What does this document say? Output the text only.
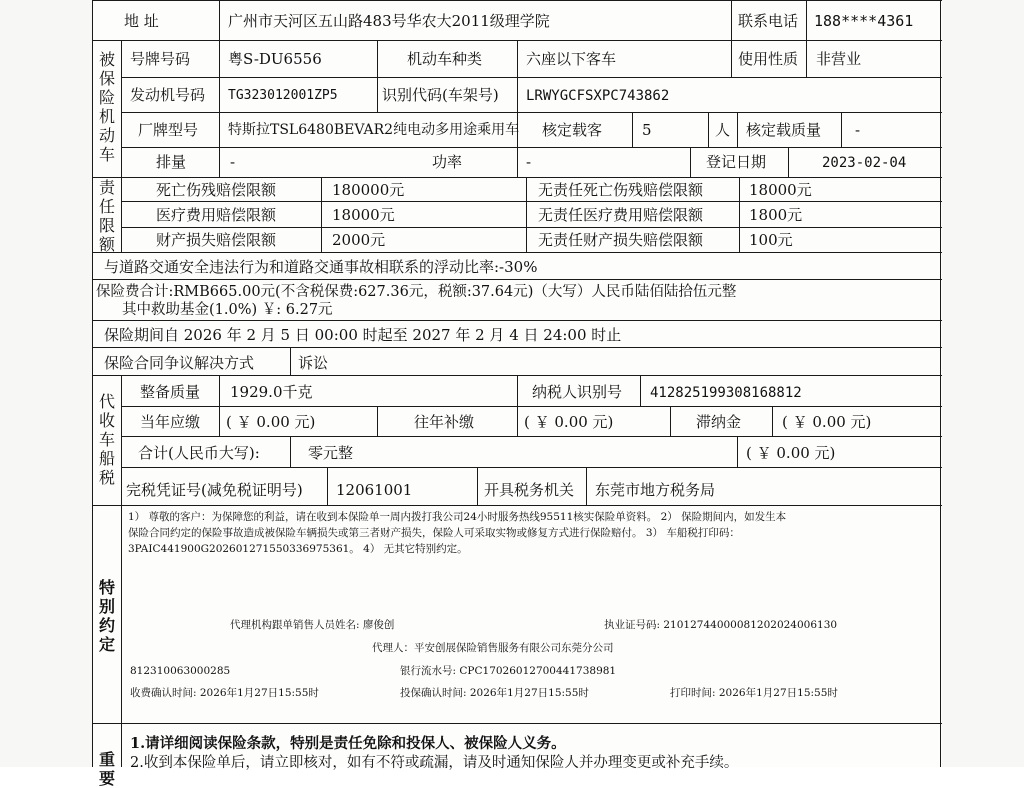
地 址	广州市天河区五山路483号华农大2011级理学院	联系电话 188****4361
被保险机动车
号牌号码	粤S-DU6556	机动车种类	六座以下客车	使用性质 非营业
发动机号码 TG323012001ZP5	识别代码(车架号) LRWYGCFSXPC743862
厂牌型号 特斯拉TSL6480BEVAR2纯电动多用途乘用车 核定载客	5	人 核定载质量 -
排量	-	功率	-	登记日期	2023-02-04
责任限额
死亡伤残赔偿限额	180000元	无责任死亡伤残赔偿限额	18000元
医疗费用赔偿限额	18000元	无责任医疗费用赔偿限额	1800元
财产损失赔偿限额	2000元	无责任财产损失赔偿限额	100元
与道路交通安全违法行为和道路交通事故相联系的浮动比率:-30%
保险费合计:RMB665.00元(不含税保费:627.36元，税额:37.64元)（大写）人民币陆佰陆拾伍元整
其中救助基金(1.0%) ￥: 6.27元
保险期间自 2026 年 2 月 5 日 00:00 时起至 2027 年 2 月 4 日 24:00 时止
保险合同争议解决方式	诉讼
代收车船税
整备质量 1929.0千克	纳税人识别号 412825199308168812
当年应缴 ( ￥ 0.00 元)	往年补缴	( ￥ 0.00 元)	滞纳金	( ￥ 0.00 元)
合计(人民币大写):	零元整	( ￥ 0.00 元)
完税凭证号(减免税证明号) 12061001	开具税务机关 东莞市地方税务局
特别约定
1） 尊敬的客户：为保障您的利益，请在收到本保险单一周内拨打我公司24小时服务热线95511核实保险单资料。 2） 保险期间内，如发生本
保险合同约定的保险事故造成被保险车辆损失或第三者财产损失，保险人可采取实物或修复方式进行保险赔付。 3） 车船税打印码：
3PAIC441900G202601271550336975361。 4） 无其它特别约定。
代理机构跟单销售人员姓名: 廖俊创	执业证号码: 21012744000081202024006130
代理人：平安创展保险销售服务有限公司东莞分公司
812310063000285	银行流水号: CPC17026012700441738981
收费确认时间: 2026年1月27日15:55时	投保确认时间: 2026年1月27日15:55时	打印时间: 2026年1月27日15:55时
重要
1.请详细阅读保险条款，特别是责任免除和投保人、被保险人义务。
2.收到本保险单后，请立即核对，如有不符或疏漏，请及时通知保险人并办理变更或补充手续。
